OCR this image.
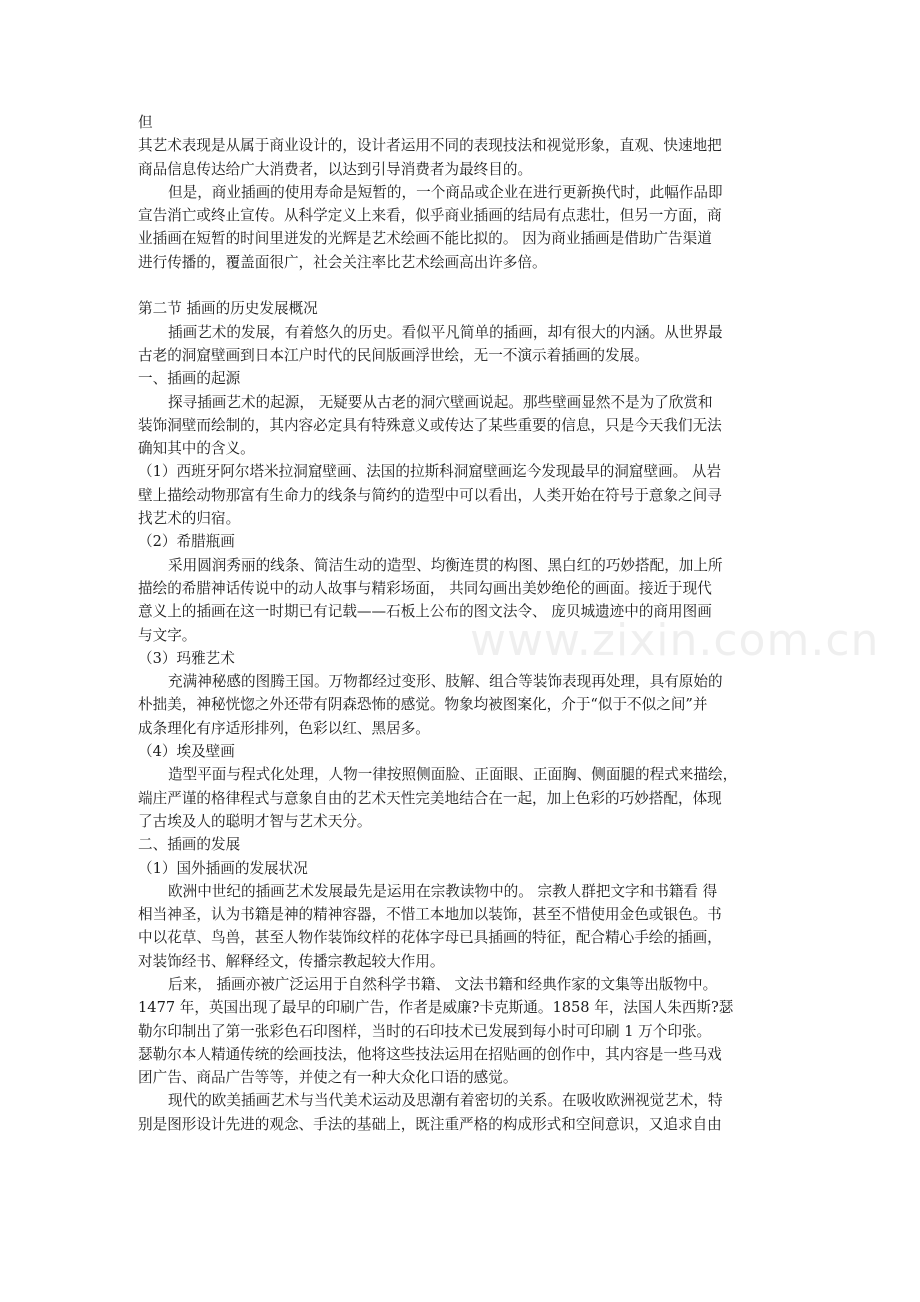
www.zixin.com.cn
但
其艺术表现是从属于商业设计的，设计者运用不同的表现技法和视觉形象，直观、快速地把
商品信息传达给广大消费者，以达到引导消费者为最终目的。
但是，商业插画的使用寿命是短暂的，一个商品或企业在进行更新换代时，此幅作品即
宣告消亡或终止宣传。从科学定义上来看，似乎商业插画的结局有点悲壮，但另一方面，商
业插画在短暂的时间里迸发的光辉是艺术绘画不能比拟的。 因为商业插画是借助广告渠道
进行传播的，覆盖面很广，社会关注率比艺术绘画高出许多倍。
第二节 插画的历史发展概况
插画艺术的发展，有着悠久的历史。看似平凡简单的插画，却有很大的内涵。从世界最
古老的洞窟壁画到日本江户时代的民间版画浮世绘，无一不演示着插画的发展。
一、插画的起源
探寻插画艺术的起源， 无疑要从古老的洞穴壁画说起。那些壁画显然不是为了欣赏和
装饰洞壁而绘制的，其内容必定具有特殊意义或传达了某些重要的信息，只是今天我们无法
确知其中的含义。
（1）西班牙阿尔塔米拉洞窟壁画、法国的拉斯科洞窟壁画迄今发现最早的洞窟壁画。 从岩
壁上描绘动物那富有生命力的线条与简约的造型中可以看出，人类开始在符号于意象之间寻
找艺术的归宿。
（2）希腊瓶画
采用圆润秀丽的线条、简洁生动的造型、均衡连贯的构图、黑白红的巧妙搭配，加上所
描绘的希腊神话传说中的动人故事与精彩场面， 共同勾画出美妙绝伦的画面。接近于现代
意义上的插画在这一时期已有记载——石板上公布的图文法令、 庞贝城遗迹中的商用图画
与文字。
（3）玛雅艺术
充满神秘感的图腾王国。万物都经过变形、肢解、组合等装饰表现再处理，具有原始的
朴拙美，神秘恍惚之外还带有阴森恐怖的感觉。物象均被图案化，介于“似于不似之间”并
成条理化有序适形排列，色彩以红、黑居多。
（4）埃及壁画
造型平面与程式化处理，人物一律按照侧面脸、正面眼、正面胸、侧面腿的程式来描绘，
端庄严谨的格律程式与意象自由的艺术天性完美地结合在一起，加上色彩的巧妙搭配，体现
了古埃及人的聪明才智与艺术天分。
二、插画的发展
（1）国外插画的发展状况
欧洲中世纪的插画艺术发展最先是运用在宗教读物中的。 宗教人群把文字和书籍看 得
相当神圣，认为书籍是神的精神容器，不惜工本地加以装饰，甚至不惜使用金色或银色。书
中以花草、鸟兽，甚至人物作装饰纹样的花体字母已具插画的特征，配合精心手绘的插画，
对装饰经书、解释经文，传播宗教起较大作用。
后来， 插画亦被广泛运用于自然科学书籍、 文法书籍和经典作家的文集等出版物中。
1477 年，英国出现了最早的印刷广告，作者是威廉?卡克斯通。1858 年，法国人朱西斯?瑟
勒尔印制出了第一张彩色石印图样，当时的石印技术已发展到每小时可印刷 1 万个印张。
瑟勒尔本人精通传统的绘画技法，他将这些技法运用在招贴画的创作中，其内容是一些马戏
团广告、商品广告等等，并使之有一种大众化口语的感觉。
现代的欧美插画艺术与当代美术运动及思潮有着密切的关系。在吸收欧洲视觉艺术，特
别是图形设计先进的观念、手法的基础上，既注重严格的构成形式和空间意识，又追求自由
